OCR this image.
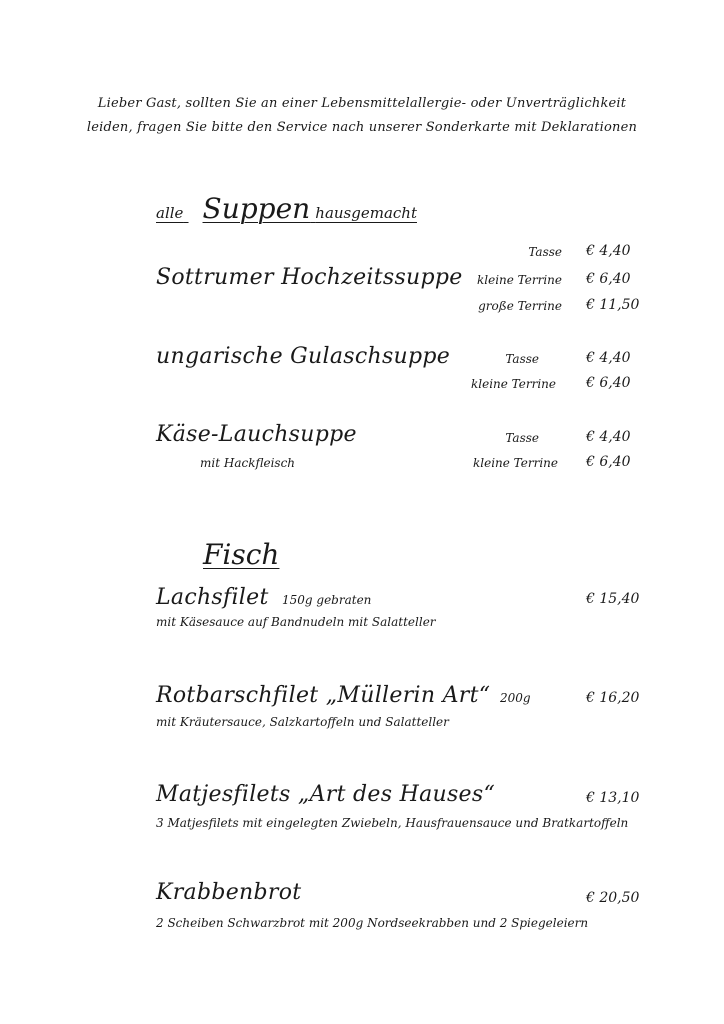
Lieber Gast, sollten Sie an einer Lebensmittelallergie- oder Unverträglichkeit
leiden, fragen Sie bitte den Service nach unserer Sonderkarte mit Deklarationen
alle Suppen hausgemacht
Sottrumer Hochzeitssuppe
Tasse € 4,40
kleine Terrine € 6,40
große Terrine € 11,50
ungarische Gulaschsuppe	Tasse	€ 4,40
kleine Terrine € 6,40
Käse-Lauchsuppe
mit Hackfleisch
Tasse	€ 4,40
kleine Terrine € 6,40
Fisch
Lachsfilet 150g gebraten	€ 15,40
mit Käsesauce auf Bandnudeln mit Salatteller
Rotbarschfilet „Müllerin Art“ 200g	€ 16,20
mit Kräutersauce, Salzkartoffeln und Salatteller
Matjesfilets „Art des Hauses“	€ 13,10
3 Matjesfilets mit eingelegten Zwiebeln, Hausfrauensauce und Bratkartoffeln
Krabbenbrot	€ 20,50
2 Scheiben Schwarzbrot mit 200g Nordseekrabben und 2 Spiegeleiern
